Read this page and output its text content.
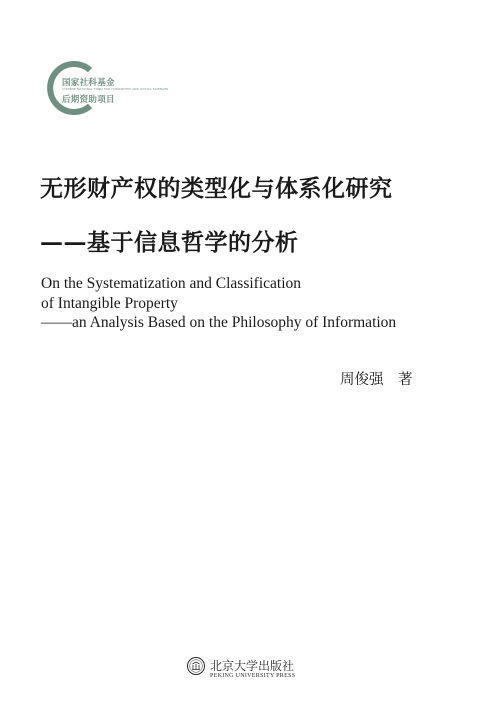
国家社科基金
CHINESE NATIONAL FUND FOR HUMANITIES AND SOCIAL SCIENCES
后期资助项目
无形财产权的类型化与体系化研究
——基于信息哲学的分析
On the Systematization and Classification
of Intangible Property
——an Analysis Based on the Philosophy of Information
周俊强 著
北京大学出版社
PEKING UNIVERSITY PRESS
